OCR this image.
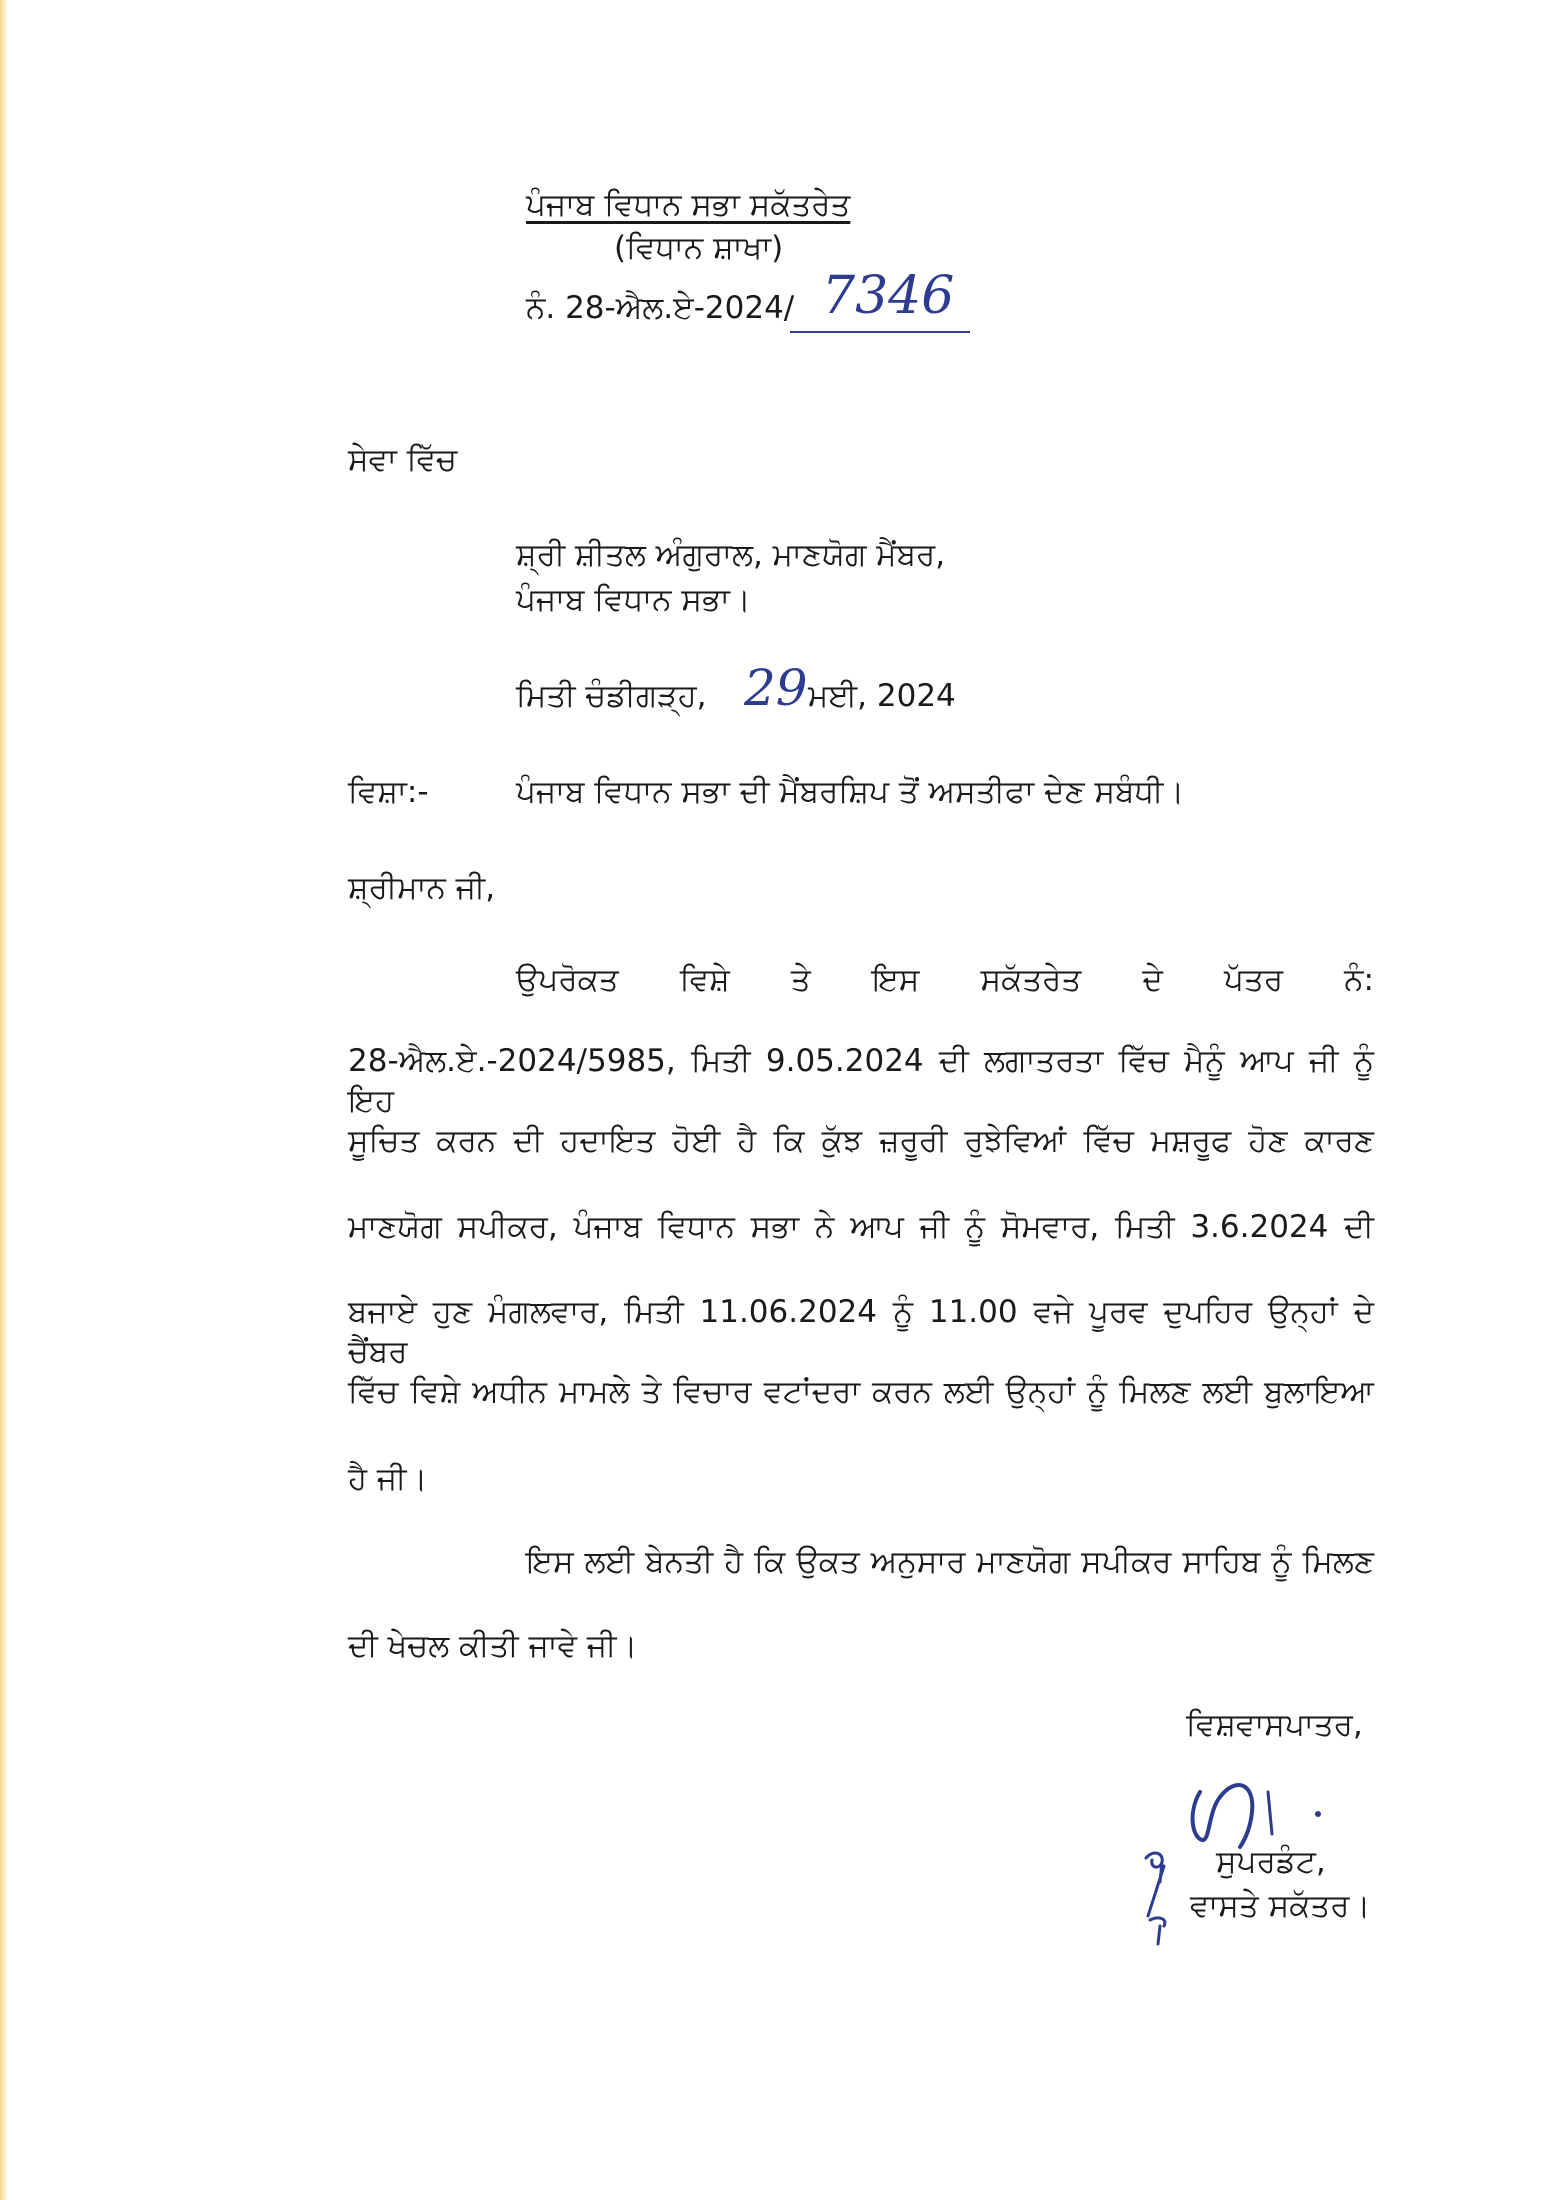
ਪੰਜਾਬ ਵਿਧਾਨ ਸਭਾ ਸਕੱਤਰੇਤ
(ਵਿਧਾਨ ਸ਼ਾਖਾ)
ਨੰ. 28-ਐਲ.ਏ-2024/ 7346
ਸੇਵਾ ਵਿੱਚ
ਸ਼੍ਰੀ ਸ਼ੀਤਲ ਅੰਗੁਰਾਲ, ਮਾਣਯੋਗ ਮੈਂਬਰ,
ਪੰਜਾਬ ਵਿਧਾਨ ਸਭਾ।
ਮਿਤੀ ਚੰਡੀਗੜ੍ਹ, 29 ਮਈ, 2024
ਵਿਸ਼ਾ:-	ਪੰਜਾਬ ਵਿਧਾਨ ਸਭਾ ਦੀ ਮੈਂਬਰਸ਼ਿਪ ਤੋਂ ਅਸਤੀਫਾ ਦੇਣ ਸਬੰਧੀ।
ਸ਼੍ਰੀਮਾਨ ਜੀ,
ਉਪਰੋਕਤ ਵਿਸ਼ੇ ਤੇ ਇਸ ਸਕੱਤਰੇਤ ਦੇ ਪੱਤਰ ਨੰ:
28-ਐਲ.ਏ.-2024/5985, ਮਿਤੀ 9.05.2024 ਦੀ ਲਗਾਤਰਤਾ ਵਿੱਚ ਮੈਨੂੰ ਆਪ ਜੀ ਨੂੰ ਇਹ
ਸੂਚਿਤ ਕਰਨ ਦੀ ਹਦਾਇਤ ਹੋਈ ਹੈ ਕਿ ਕੁੱਝ ਜ਼ਰੂਰੀ ਰੁਝੇਵਿਆਂ ਵਿੱਚ ਮਸ਼ਰੂਫ ਹੋਣ ਕਾਰਣ
ਮਾਣਯੋਗ ਸਪੀਕਰ, ਪੰਜਾਬ ਵਿਧਾਨ ਸਭਾ ਨੇ ਆਪ ਜੀ ਨੂੰ ਸੋਮਵਾਰ, ਮਿਤੀ 3.6.2024 ਦੀ
ਬਜਾਏ ਹੁਣ ਮੰਗਲਵਾਰ, ਮਿਤੀ 11.06.2024 ਨੂੰ 11.00 ਵਜੇ ਪੂਰਵ ਦੁਪਹਿਰ ਉਨ੍ਹਾਂ ਦੇ ਚੈਂਬਰ
ਵਿੱਚ ਵਿਸ਼ੇ ਅਧੀਨ ਮਾਮਲੇ ਤੇ ਵਿਚਾਰ ਵਟਾਂਦਰਾ ਕਰਨ ਲਈ ਉਨ੍ਹਾਂ ਨੂੰ ਮਿਲਣ ਲਈ ਬੁਲਾਇਆ
ਹੈ ਜੀ।
ਇਸ ਲਈ ਬੇਨਤੀ ਹੈ ਕਿ ਉਕਤ ਅਨੁਸਾਰ ਮਾਣਯੋਗ ਸਪੀਕਰ ਸਾਹਿਬ ਨੂੰ ਮਿਲਣ
ਦੀ ਖੇਚਲ ਕੀਤੀ ਜਾਵੇ ਜੀ।
ਵਿਸ਼ਵਾਸਪਾਤਰ,
ਸੁਪਰਡੰਟ,
ਵਾਸਤੇ ਸਕੱਤਰ।
